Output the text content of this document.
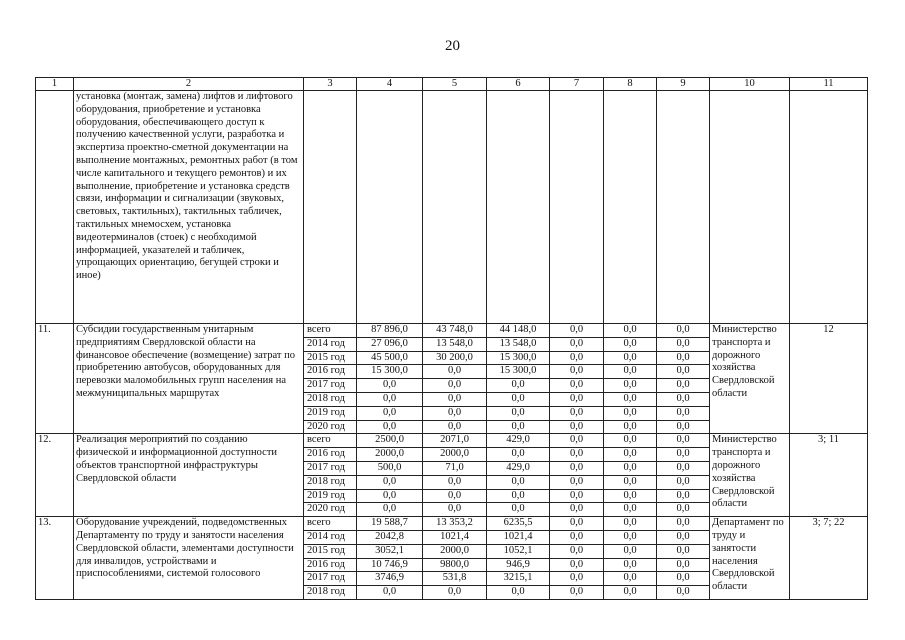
20
1	2	3	4	5	6	7	8	9	10	11
	установка (монтаж, замена) лифтов и лифтового оборудования, приобретение и установка оборудования, обеспечивающего доступ к получению качественной услуги, разработка и экспертиза проектно-сметной документации на выполнение монтажных, ремонтных работ (в том числе капитального и текущего ремонтов) и их выполнение, приобретение и установка средств связи, информации и сигнализации (звуковых, световых, тактильных), тактильных табличек, тактильных мнемосхем, установка видеотерминалов (стоек) с необходимой информацией, указателей и табличек, упрощающих ориентацию, бегущей строки и иное)									
11.	Субсидии государственным унитарным предприятиям Свердловской области на финансовое обеспечение (возмещение) затрат по приобретению автобусов, оборудованных для перевозки маломобильных групп населения на межмуниципальных маршрутах	всего	87 896,0	43 748,0	44 148,0	0,0	0,0	0,0	Министерство транспорта и дорожного хозяйства Свердловской области	12
		2014 год	27 096,0	13 548,0	13 548,0	0,0	0,0	0,0		
		2015 год	45 500,0	30 200,0	15 300,0	0,0	0,0	0,0		
		2016 год	15 300,0	0,0	15 300,0	0,0	0,0	0,0		
		2017 год	0,0	0,0	0,0	0,0	0,0	0,0		
		2018 год	0,0	0,0	0,0	0,0	0,0	0,0		
		2019 год	0,0	0,0	0,0	0,0	0,0	0,0		
		2020 год	0,0	0,0	0,0	0,0	0,0	0,0		
12.	Реализация мероприятий по созданию физической и информационной доступности объектов транспортной инфраструктуры Свердловской области	всего	2500,0	2071,0	429,0	0,0	0,0	0,0	Министерство транспорта и дорожного хозяйства Свердловской области	3; 11
		2016 год	2000,0	2000,0	0,0	0,0	0,0	0,0		
		2017 год	500,0	71,0	429,0	0,0	0,0	0,0		
		2018 год	0,0	0,0	0,0	0,0	0,0	0,0		
		2019 год	0,0	0,0	0,0	0,0	0,0	0,0		
		2020 год	0,0	0,0	0,0	0,0	0,0	0,0		
13.	Оборудование учреждений, подведомственных Департаменту по труду и занятости населения Свердловской области, элементами доступности для инвалидов, устройствами и приспособлениями, системой голосового	всего	19 588,7	13 353,2	6235,5	0,0	0,0	0,0	Департамент по труду и занятости населения Свердловской области	3; 7; 22
		2014 год	2042,8	1021,4	1021,4	0,0	0,0	0,0		
		2015 год	3052,1	2000,0	1052,1	0,0	0,0	0,0		
		2016 год	10 746,9	9800,0	946,9	0,0	0,0	0,0		
		2017 год	3746,9	531,8	3215,1	0,0	0,0	0,0		
		2018 год	0,0	0,0	0,0	0,0	0,0	0,0		
